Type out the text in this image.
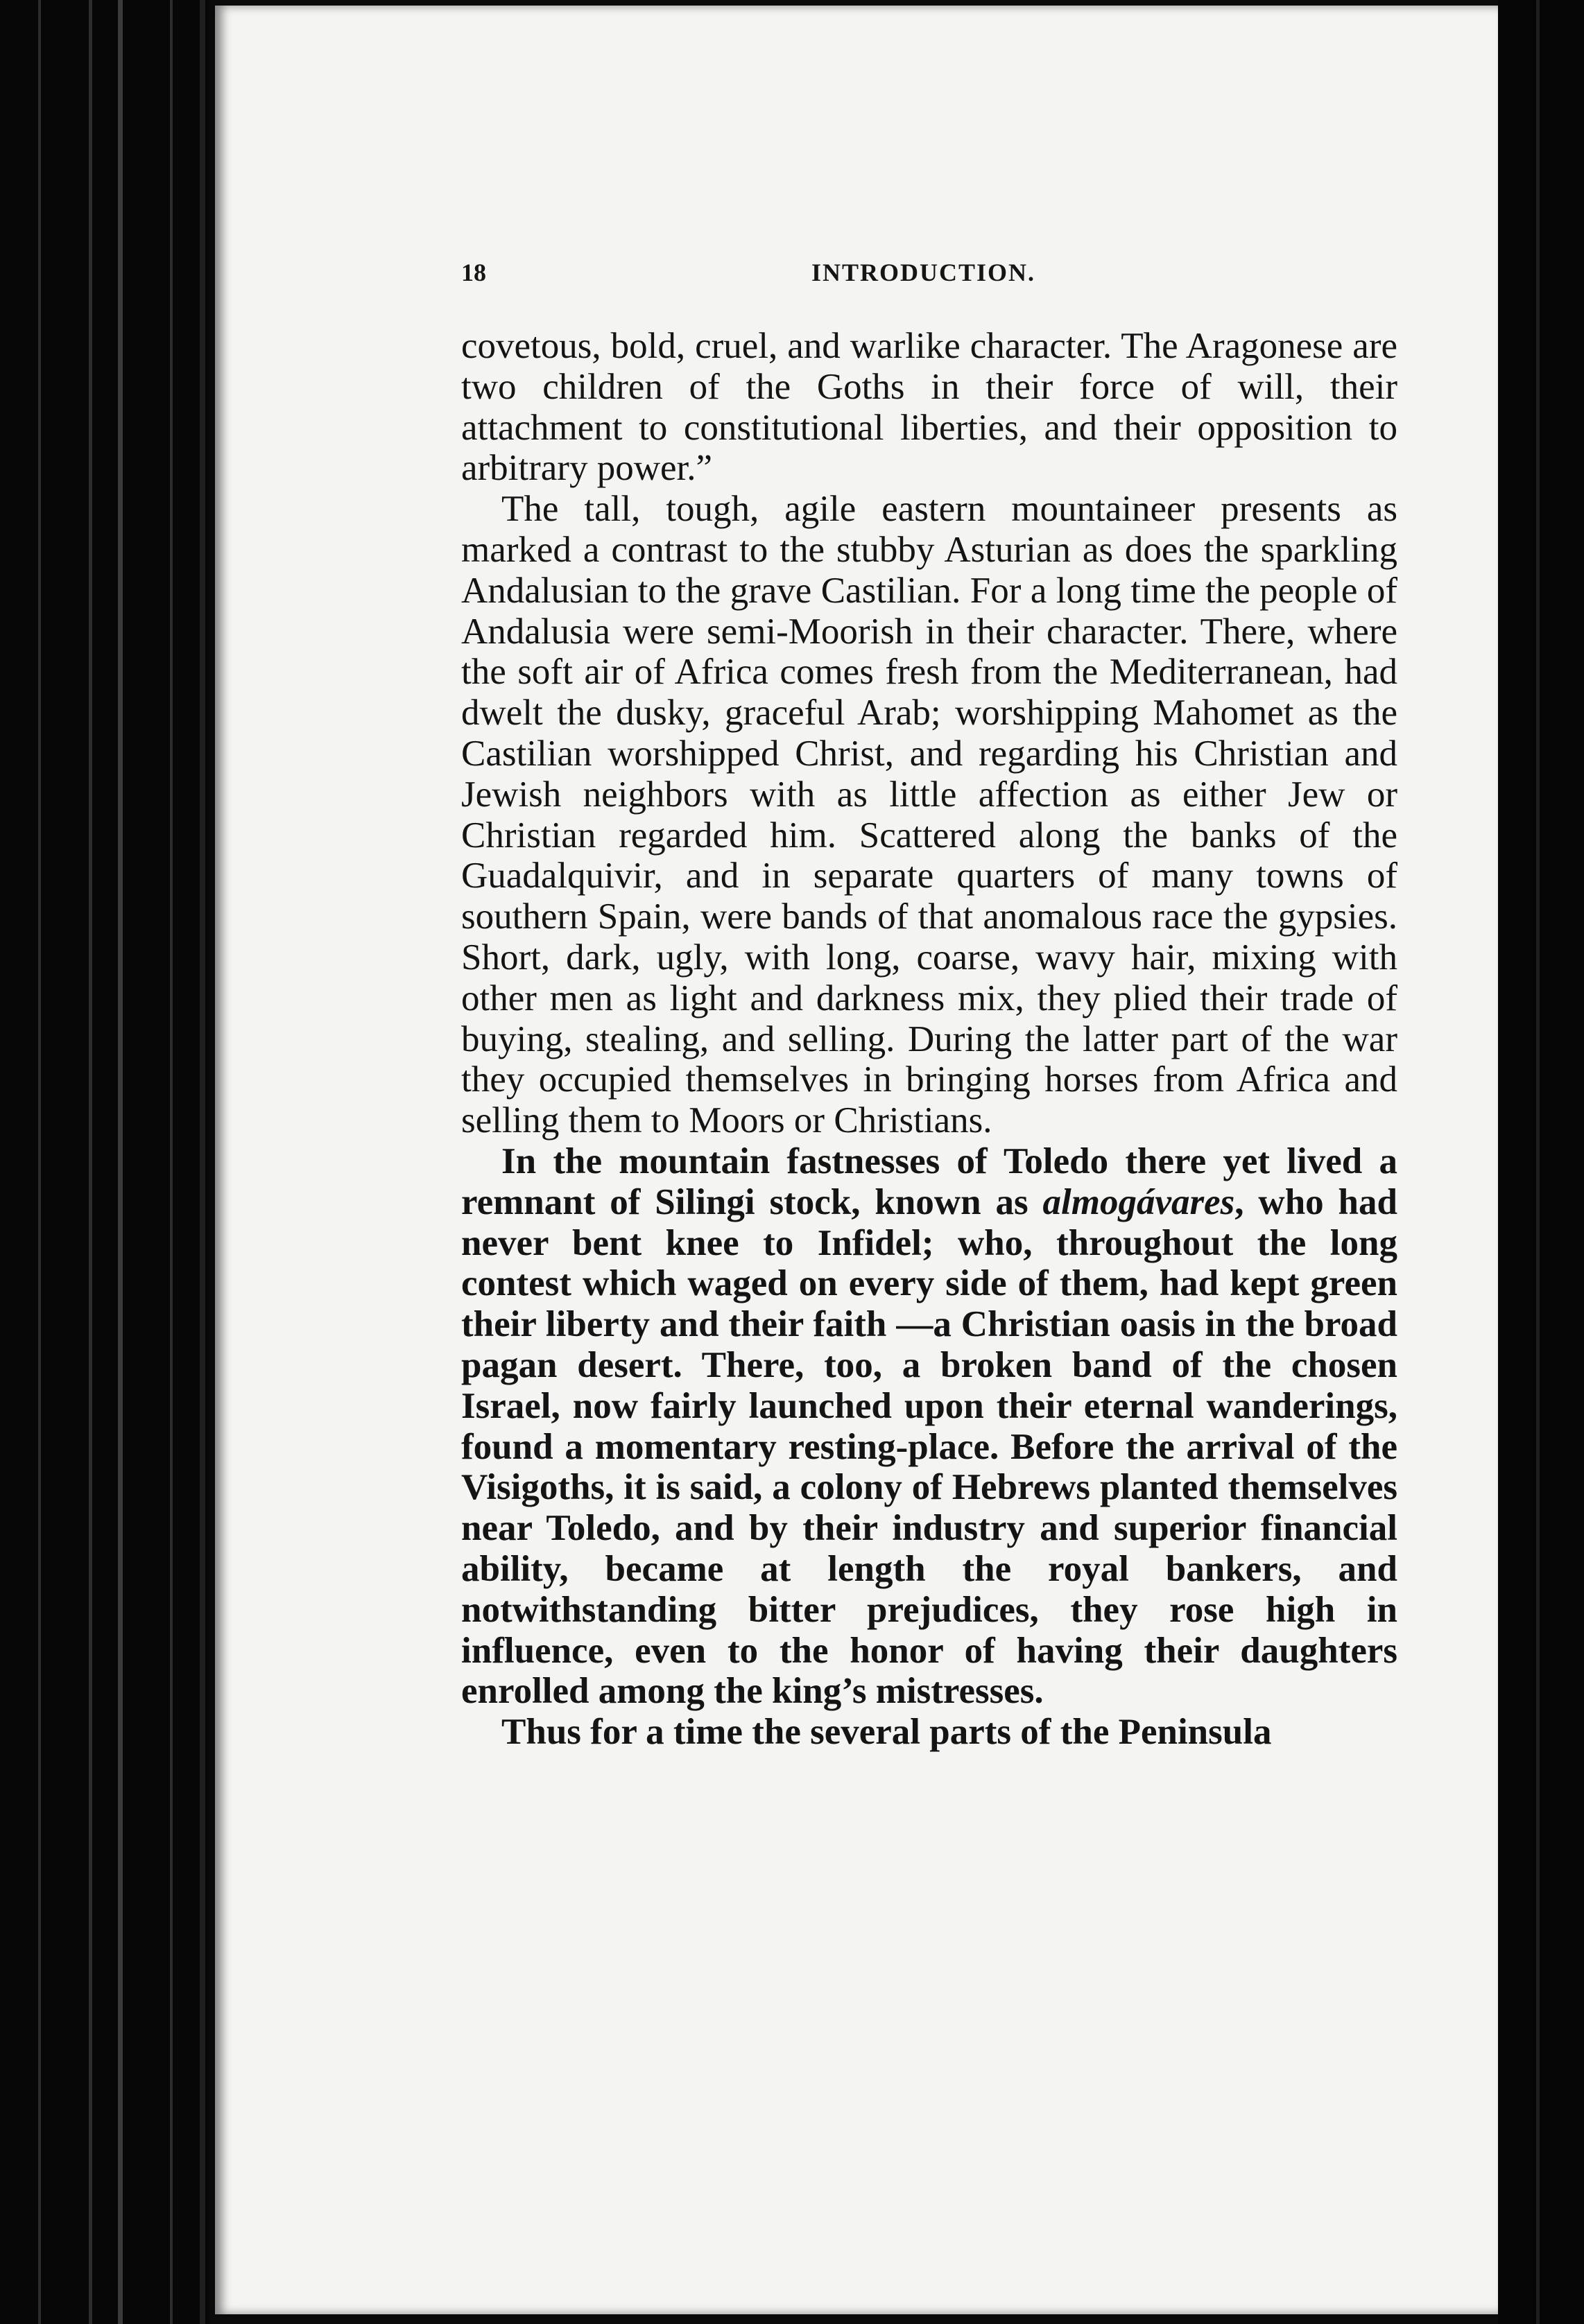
18	INTRODUCTION.

covetous, bold, cruel, and warlike character. The Aragonese are two children of the Goths in their force of will, their attachment to constitutional liberties, and their opposition to arbitrary power.”

The tall, tough, agile eastern mountaineer presents as marked a contrast to the stubby Asturian as does the sparkling Andalusian to the grave Castilian. For a long time the people of Andalusia were semi-Moorish in their character. There, where the soft air of Africa comes fresh from the Mediterranean, had dwelt the dusky, graceful Arab; worshipping Mahomet as the Castilian worshipped Christ, and regarding his Christian and Jewish neighbors with as little affection as either Jew or Christian regarded him. Scattered along the banks of the Guadalquivir, and in separate quarters of many towns of southern Spain, were bands of that anomalous race the gypsies. Short, dark, ugly, with long, coarse, wavy hair, mixing with other men as light and darkness mix, they plied their trade of buying, stealing, and selling. During the latter part of the war they occupied themselves in bringing horses from Africa and selling them to Moors or Christians.

In the mountain fastnesses of Toledo there yet lived a remnant of Silingi stock, known as almogávares, who had never bent knee to Infidel; who, throughout the long contest which waged on every side of them, had kept green their liberty and their faith —a Christian oasis in the broad pagan desert. There, too, a broken band of the chosen Israel, now fairly launched upon their eternal wanderings, found a momentary resting-place. Before the arrival of the Visigoths, it is said, a colony of Hebrews planted themselves near Toledo, and by their industry and superior financial ability, became at length the royal bankers, and notwithstanding bitter prejudices, they rose high in influence, even to the honor of having their daughters enrolled among the king’s mistresses.

Thus for a time the several parts of the Peninsula
